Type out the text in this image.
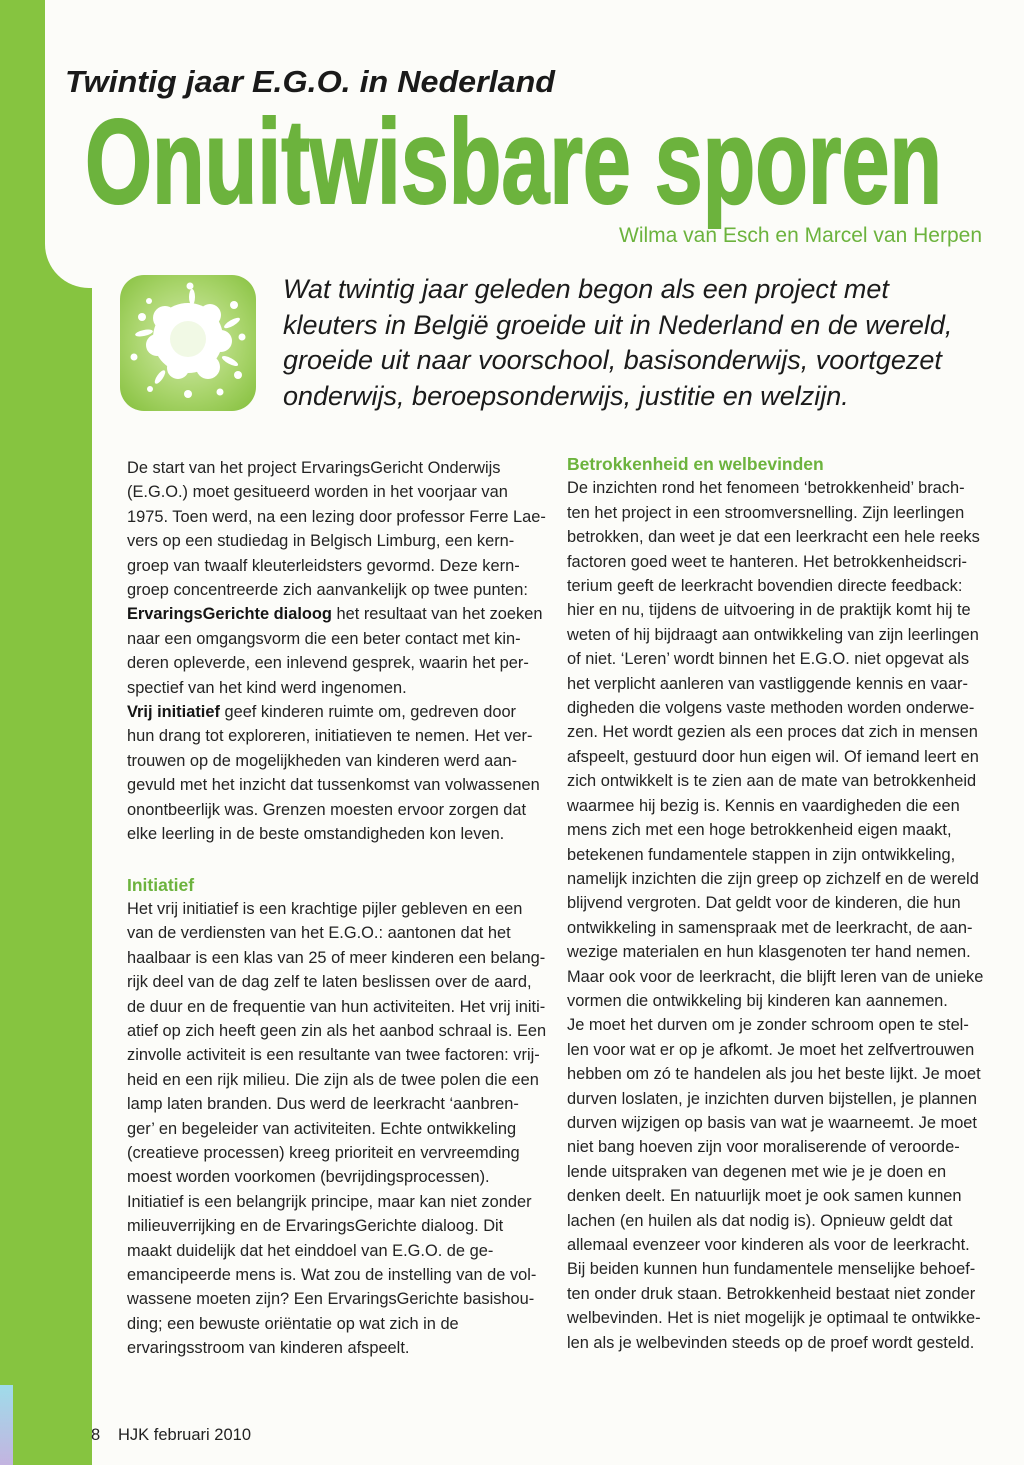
Twintig jaar E.G.O. in Nederland
Onuitwisbare sporen
Wilma van Esch en Marcel van Herpen
Wat twintig jaar geleden begon als een project met
kleuters in België groeide uit in Nederland en de wereld,
groeide uit naar voorschool, basisonderwijs, voortgezet
onderwijs, beroepsonderwijs, justitie en welzijn.
De start van het project ErvaringsGericht Onderwijs
(E.G.O.) moet gesitueerd worden in het voorjaar van
1975. Toen werd, na een lezing door professor Ferre Lae-
vers op een studiedag in Belgisch Limburg, een kern-
groep van twaalf kleuterleidsters gevormd. Deze kern-
groep concentreerde zich aanvankelijk op twee punten:
ErvaringsGerichte dialoog het resultaat van het zoeken
naar een omgangsvorm die een beter contact met kin-
deren opleverde, een inlevend gesprek, waarin het per-
spectief van het kind werd ingenomen.
Vrij initiatief geef kinderen ruimte om, gedreven door
hun drang tot exploreren, initiatieven te nemen. Het ver-
trouwen op de mogelijkheden van kinderen werd aan-
gevuld met het inzicht dat tussenkomst van volwassenen
onontbeerlijk was. Grenzen moesten ervoor zorgen dat
elke leerling in de beste omstandigheden kon leven.
Initiatief
Het vrij initiatief is een krachtige pijler gebleven en een
van de verdiensten van het E.G.O.: aantonen dat het
haalbaar is een klas van 25 of meer kinderen een belang-
rijk deel van de dag zelf te laten beslissen over de aard,
de duur en de frequentie van hun activiteiten. Het vrij initi-
atief op zich heeft geen zin als het aanbod schraal is. Een
zinvolle activiteit is een resultante van twee factoren: vrij-
heid en een rijk milieu. Die zijn als de twee polen die een
lamp laten branden. Dus werd de leerkracht ‘aanbren-
ger’ en begeleider van activiteiten. Echte ontwikkeling
(creatieve processen) kreeg prioriteit en vervreemding
moest worden voorkomen (bevrijdingsprocessen).
Initiatief is een belangrijk principe, maar kan niet zonder
milieuverrijking en de ErvaringsGerichte dialoog. Dit
maakt duidelijk dat het einddoel van E.G.O. de ge-
emancipeerde mens is. Wat zou de instelling van de vol-
wassene moeten zijn? Een ErvaringsGerichte basishou-
ding; een bewuste oriëntatie op wat zich in de
ervaringsstroom van kinderen afspeelt.
Betrokkenheid en welbevinden
De inzichten rond het fenomeen ‘betrokkenheid’ brach-
ten het project in een stroomversnelling. Zijn leerlingen
betrokken, dan weet je dat een leerkracht een hele reeks
factoren goed weet te hanteren. Het betrokkenheidscri-
terium geeft de leerkracht bovendien directe feedback:
hier en nu, tijdens de uitvoering in de praktijk komt hij te
weten of hij bijdraagt aan ontwikkeling van zijn leerlingen
of niet. ‘Leren’ wordt binnen het E.G.O. niet opgevat als
het verplicht aanleren van vastliggende kennis en vaar-
digheden die volgens vaste methoden worden onderwe-
zen. Het wordt gezien als een proces dat zich in mensen
afspeelt, gestuurd door hun eigen wil. Of iemand leert en
zich ontwikkelt is te zien aan de mate van betrokkenheid
waarmee hij bezig is. Kennis en vaardigheden die een
mens zich met een hoge betrokkenheid eigen maakt,
betekenen fundamentele stappen in zijn ontwikkeling,
namelijk inzichten die zijn greep op zichzelf en de wereld
blijvend vergroten. Dat geldt voor de kinderen, die hun
ontwikkeling in samenspraak met de leerkracht, de aan-
wezige materialen en hun klasgenoten ter hand nemen.
Maar ook voor de leerkracht, die blijft leren van de unieke
vormen die ontwikkeling bij kinderen kan aannemen.
Je moet het durven om je zonder schroom open te stel-
len voor wat er op je afkomt. Je moet het zelfvertrouwen
hebben om zó te handelen als jou het beste lijkt. Je moet
durven loslaten, je inzichten durven bijstellen, je plannen
durven wijzigen op basis van wat je waarneemt. Je moet
niet bang hoeven zijn voor moraliserende of veroorde-
lende uitspraken van degenen met wie je je doen en
denken deelt. En natuurlijk moet je ook samen kunnen
lachen (en huilen als dat nodig is). Opnieuw geldt dat
allemaal evenzeer voor kinderen als voor de leerkracht.
Bij beiden kunnen hun fundamentele menselijke behoef-
ten onder druk staan. Betrokkenheid bestaat niet zonder
welbevinden. Het is niet mogelijk je optimaal te ontwikke-
len als je welbevinden steeds op de proef wordt gesteld.
8 HJK februari 2010
